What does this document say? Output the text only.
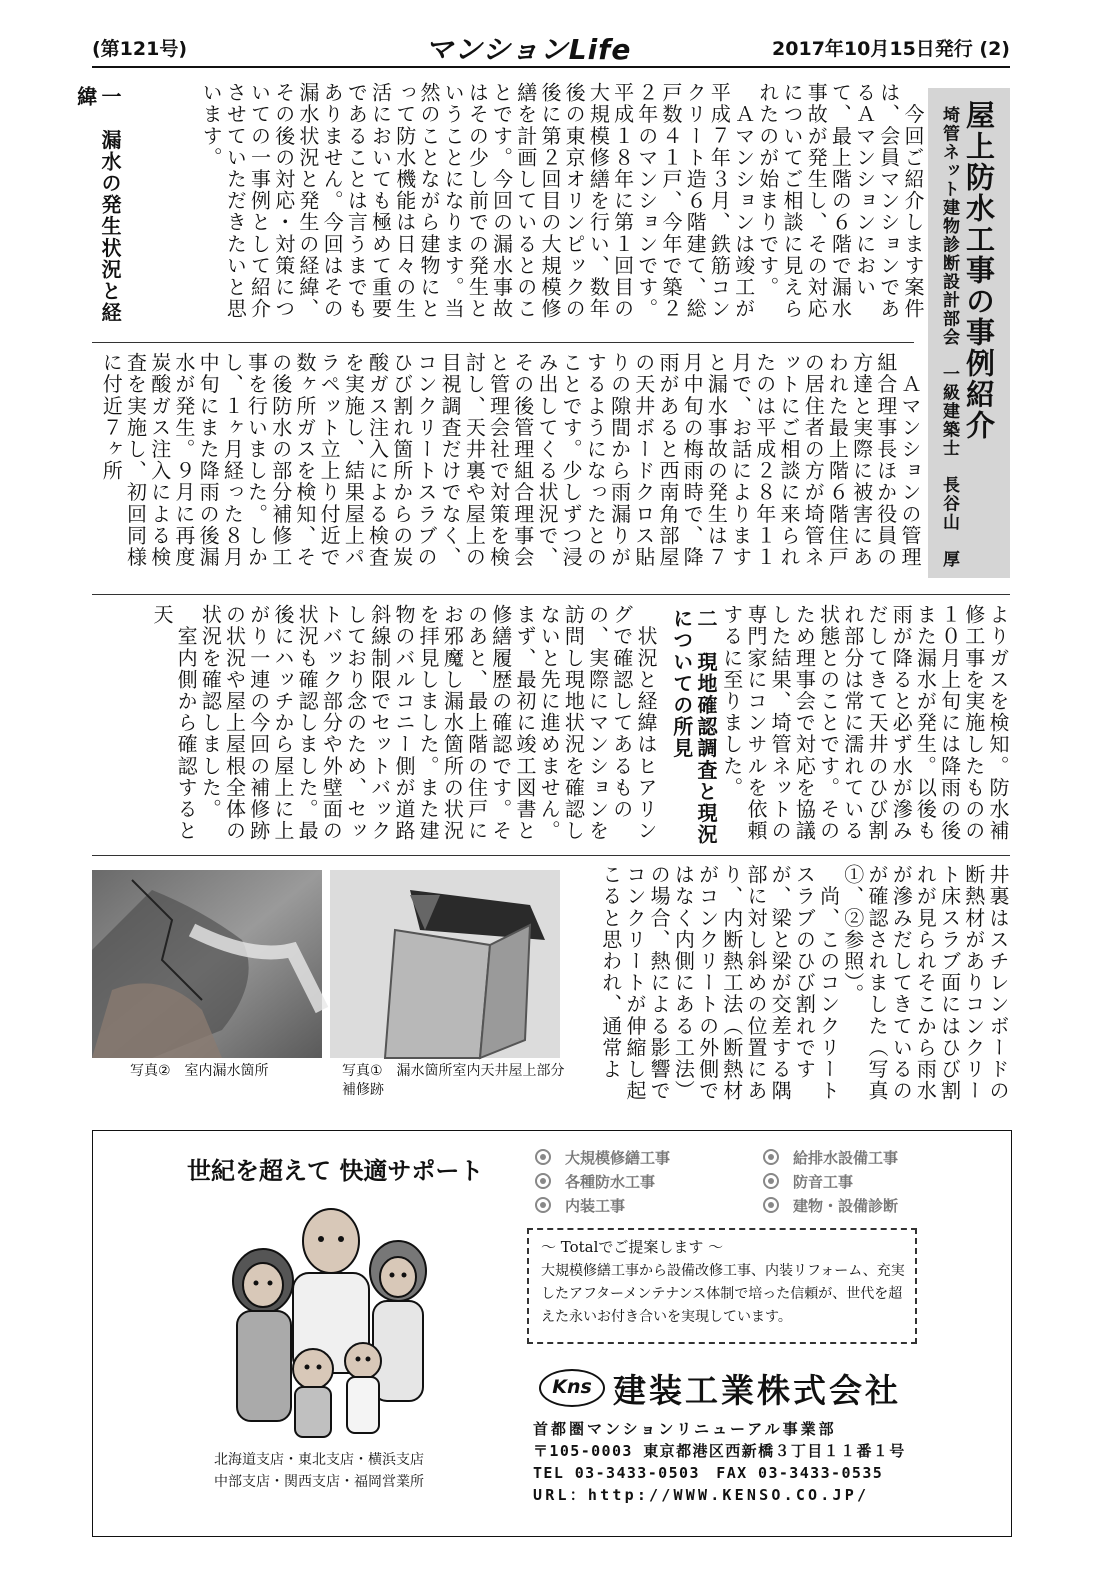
(第121号)	マンションLife	2017年10月15日発行 (2)
屋上防水工事の事例紹介
埼管ネット建物診断設計部会　一級建築士　長谷山　厚
　今回ご紹介します案件は、会員マンションであるＡマンションにおいて、最上階の６階で漏水事故が発生し、その対応についてご相談に見えられたのが始まりです。
　Ａマンションは竣工が平成７年３月、鉄筋コンクリート造６階建て、総戸数４１戸、今年で築２２年のマンションです。平成１８年に第１回目の大規模修繕を行い、数年後の東京オリンピックの後に第２回目の大規模修繕を計画しているとのことです。今回の漏水事故はその少し前での発生ということになります。当然のことながら建物にとって防水機能は日々の生活においても極めて重要であることは言うまでもありません。今回はその漏水状況と発生の経緯、その後の対応・対策についての一事例として紹介させていただきたいと思います。
一　漏水の発生状況と経緯
　Ａマンションの管理組合理事長ほか役員の方達と実際に被害にあわれた最上階６階住戸の居住者の方が埼管ネットにご相談に来られたのは平成２８年１１月で、お話によりますと漏水事故の発生は７月中旬の梅雨時で、降雨があると西南角部屋の天井ボードクロス貼りの隙間から雨漏りがするようになったとのことです。少しずつ浸み出してくる状況で、その後管理組合理事会と管理会社で対策を検討し、天井裏や屋上の目視調査だけでなく、コンクリートスラブのひび割れ箇所からの炭酸ガス注入による検査を実施し、結果屋上パラペット立上り付近で数ヶ所ガスを検知、その後防水の部分補修工事を行いました。しかし、１ヶ月経った８月中旬にまた降雨の後漏水が発生。９月に再度炭酸ガス注入による検査を実施し、初回同様に付近７ヶ所
よりガスを検知。防水補修工事を実施したものの１０月上旬には降雨の後また漏水が発生。以後も雨が降ると必ず水が滲みだしてきて天井のひび割れ部分は常に濡れている状態とのことです。そのため理事会で対応を協議した結果、埼管ネットの専門家にコンサルを依頼するに至りました。
二　現地確認調査と現況についての所見
　状況と経緯はヒアリングで確認してあるものの、実際にマンションを訪問し現地状況を確認しないと先に進めません。まず、最初に竣工図書と修繕履歴の確認です。そのあと、最上階の住戸にお邪魔し漏水箇所の状況を拝見しました。また建物のバルコニー側が道路斜線制限でセットバックしており念のため、セットバック部分や外壁面の状況も確認しました。最後にハッチから屋上に上がり一連の今回の補修跡の状況や屋上屋根全体の状況を確認しました。
　室内側から確認すると天
井裏はスチレンボードの断熱材がありコンクリート床スラブ面にはひび割れが見られそこから雨水が滲みだしてきているのが確認されました（写真①、②参照）。
　尚、このコンクリートスラブのひび割れですが、梁と梁が交差する隅部に対し斜めの位置にあり、内断熱工法（断熱材がコンクリートの外側ではなく内側にある工法）の場合、熱による影響でコンクリートが伸縮し起こると思われ、通常よ
写真②　室内漏水箇所	写真①　漏水箇所室内天井屋上部分補修跡
世紀を超えて 快適サポート	大規模修繕工事
各種防水工事
内装工事
給排水設備工事
防音工事
建物・設備診断
〜 Totalでご提案します 〜
大規模修繕工事から設備改修工事、内装リフォーム、充実したアフターメンテナンス体制で培った信頼が、世代を超えた永いお付き合いを実現しています。
Kns 建装工業株式会社
首都圏マンションリニューアル事業部
〒105-0003 東京都港区西新橋３丁目１１番１号
TEL 03-3433-0503　FAX 03-3433-0535
URL：http://WWW.KENSO.CO.JP/
北海道支店・東北支店・横浜支店
中部支店・関西支店・福岡営業所
